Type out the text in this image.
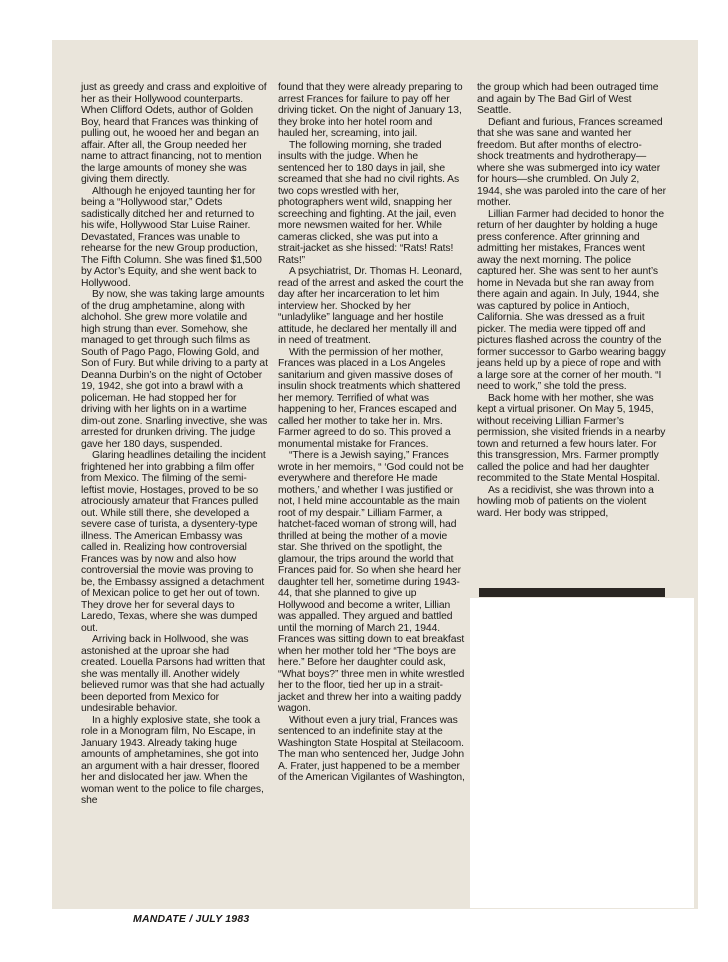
just as greedy and crass and exploitive of her as their Hollywood counterparts. When Clifford Odets, author of Golden Boy, heard that Frances was thinking of pulling out, he wooed her and began an affair. After all, the Group needed her name to attract financing, not to mention the large amounts of money she was giving them directly.

Although he enjoyed taunting her for being a “Hollywood star,” Odets sadistically ditched her and returned to his wife, Hollywood Star Luise Rainer. Devastated, Frances was unable to rehearse for the new Group production, The Fifth Column. She was fined $1,500 by Actor’s Equity, and she went back to Hollywood.

By now, she was taking large amounts of the drug amphetamine, along with alchohol. She grew more volatile and high strung than ever. Somehow, she managed to get through such films as South of Pago Pago, Flowing Gold, and Son of Fury. But while driving to a party at Deanna Durbin’s on the night of October 19, 1942, she got into a brawl with a policeman. He had stopped her for driving with her lights on in a wartime dim-out zone. Snarling invective, she was arrested for drunken driving. The judge gave her 180 days, suspended.

Glaring headlines detailing the incident frightened her into grabbing a film offer from Mexico. The filming of the semi-leftist movie, Hostages, proved to be so atrociously amateur that Frances pulled out. While still there, she developed a severe case of turista, a dysentery-type illness. The American Embassy was called in. Realizing how controversial Frances was by now and also how controversial the movie was proving to be, the Embassy assigned a detachment of Mexican police to get her out of town. They drove her for several days to Laredo, Texas, where she was dumped out.

Arriving back in Hollwood, she was astonished at the uproar she had created. Louella Parsons had written that she was mentally ill. Another widely believed rumor was that she had actually been deported from Mexico for undesirable behavior.

In a highly explosive state, she took a role in a Monogram film, No Escape, in January 1943. Already taking huge amounts of amphetamines, she got into an argument with a hair dresser, floored her and dislocated her jaw. When the woman went to the police to file charges, she

found that they were already preparing to arrest Frances for failure to pay off her driving ticket. On the night of January 13, they broke into her hotel room and hauled her, screaming, into jail.

The following morning, she traded insults with the judge. When he sentenced her to 180 days in jail, she screamed that she had no civil rights. As two cops wrestled with her, photographers went wild, snapping her screeching and fighting. At the jail, even more newsmen waited for her. While cameras clicked, she was put into a strait-jacket as she hissed: “Rats! Rats! Rats!”

A psychiatrist, Dr. Thomas H. Leonard, read of the arrest and asked the court the day after her incarceration to let him interview her. Shocked by her “unladylike” language and her hostile attitude, he declared her mentally ill and in need of treatment.

With the permission of her mother, Frances was placed in a Los Angeles sanitarium and given massive doses of insulin shock treatments which shattered her memory. Terrified of what was happening to her, Frances escaped and called her mother to take her in. Mrs. Farmer agreed to do so. This proved a monumental mistake for Frances.

“There is a Jewish saying,” Frances wrote in her memoirs, “ ‘God could not be everywhere and therefore He made mothers,’ and whether I was justified or not, I held mine accountable as the main root of my despair.” Lilliam Farmer, a hatchet-faced woman of strong will, had thrilled at being the mother of a movie star. She thrived on the spotlight, the glamour, the trips around the world that Frances paid for. So when she heard her daughter tell her, sometime during 1943-44, that she planned to give up Hollywood and become a writer, Lillian was appalled. They argued and battled until the morning of March 21, 1944. Frances was sitting down to eat breakfast when her mother told her “The boys are here.” Before her daughter could ask, “What boys?” three men in white wrestled her to the floor, tied her up in a strait-jacket and threw her into a waiting paddy wagon.

Without even a jury trial, Frances was sentenced to an indefinite stay at the Washington State Hospital at Steilacoom. The man who sentenced her, Judge John A. Frater, just happened to be a member of the American Vigilantes of Washington,

the group which had been outraged time and again by The Bad Girl of West Seattle.

Defiant and furious, Frances screamed that she was sane and wanted her freedom. But after months of electro-shock treatments and hydrotherapy—where she was submerged into icy water for hours—she crumbled. On July 2, 1944, she was paroled into the care of her mother.

Lillian Farmer had decided to honor the return of her daughter by holding a huge press conference. After grinning and admitting her mistakes, Frances went away the next morning. The police captured her. She was sent to her aunt’s home in Nevada but she ran away from there again and again. In July, 1944, she was captured by police in Antioch, California. She was dressed as a fruit picker. The media were tipped off and pictures flashed across the country of the former successor to Garbo wearing baggy jeans held up by a piece of rope and with a large sore at the corner of her mouth. “I need to work,” she told the press.

Back home with her mother, she was kept a virtual prisoner. On May 5, 1945, without receiving Lillian Farmer’s permission, she visited friends in a nearby town and returned a few hours later. For this transgression, Mrs. Farmer promptly called the police and had her daughter recommited to the State Mental Hospital.

As a recidivist, she was thrown into a howling mob of patients on the violent ward. Her body was stripped,

MANDATE / JULY 1983
